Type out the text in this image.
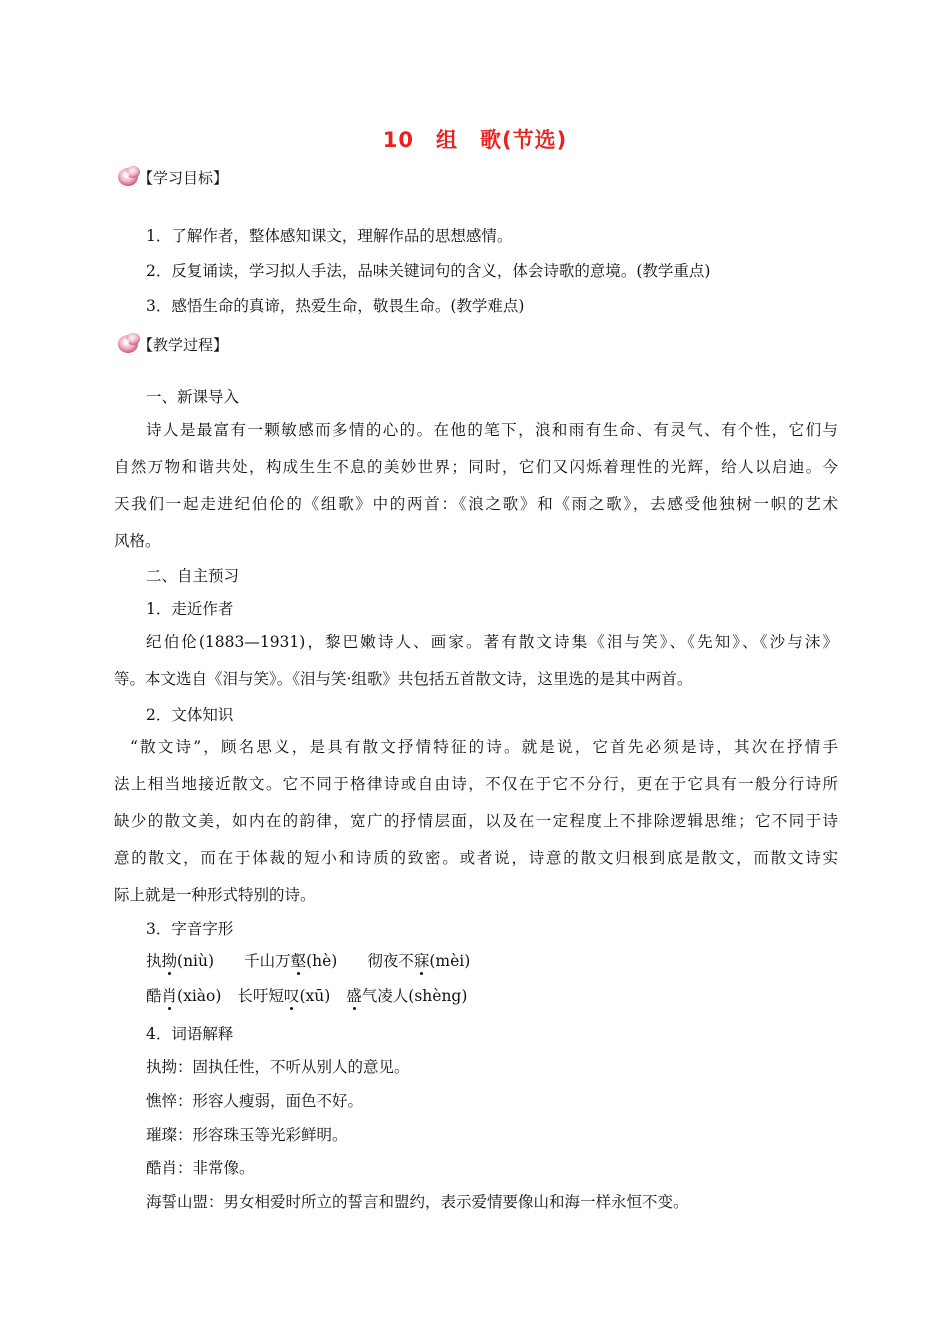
10　组　歌(节选)
【学习目标】
1．了解作者，整体感知课文，理解作品的思想感情。
2．反复诵读，学习拟人手法，品味关键词句的含义，体会诗歌的意境。(教学重点)
3．感悟生命的真谛，热爱生命，敬畏生命。(教学难点)
【教学过程】
一、新课导入
诗人是最富有一颗敏感而多情的心的。在他的笔下，浪和雨有生命、有灵气、有个性，它们与
自然万物和谐共处，构成生生不息的美妙世界；同时，它们又闪烁着理性的光辉，给人以启迪。今
天我们一起走进纪伯伦的《组歌》中的两首：《浪之歌》和《雨之歌》，去感受他独树一帜的艺术
风格。
二、自主预习
1．走近作者
纪伯伦(1883—1931)，黎巴嫩诗人、画家。著有散文诗集《泪与笑》、《先知》、《沙与沫》
等。本文选自《泪与笑》。《泪与笑·组歌》共包括五首散文诗，这里选的是其中两首。
2．文体知识
“散文诗”，顾名思义，是具有散文抒情特征的诗。就是说，它首先必须是诗，其次在抒情手
法上相当地接近散文。它不同于格律诗或自由诗，不仅在于它不分行，更在于它具有一般分行诗所
缺少的散文美，如内在的韵律，宽广的抒情层面，以及在一定程度上不排除逻辑思维；它不同于诗
意的散文，而在于体裁的短小和诗质的致密。或者说，诗意的散文归根到底是散文，而散文诗实
际上就是一种形式特别的诗。
3．字音字形
执拗(niù) 千山万壑(hè) 彻夜不寐(mèi)
酷肖(xiào) 长吁短叹(xū) 盛气凌人(shèng)
4．词语解释
执拗：固执任性，不听从别人的意见。
憔悴：形容人瘦弱，面色不好。
璀璨：形容珠玉等光彩鲜明。
酷肖：非常像。
海誓山盟：男女相爱时所立的誓言和盟约，表示爱情要像山和海一样永恒不变。
